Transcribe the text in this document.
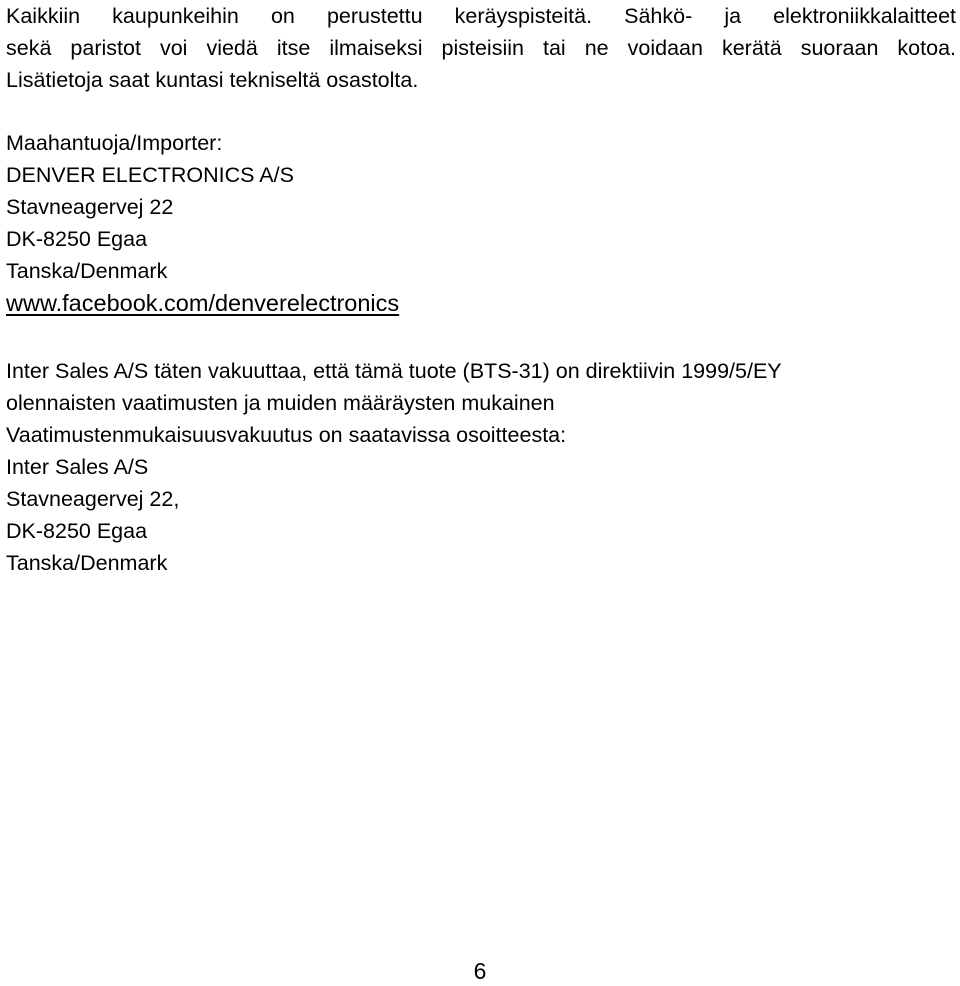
Kaikkiin kaupunkeihin on perustettu keräyspisteitä. Sähkö- ja elektroniikkalaitteet
sekä paristot voi viedä itse ilmaiseksi pisteisiin tai ne voidaan kerätä suoraan kotoa.
Lisätietoja saat kuntasi tekniseltä osastolta.
Maahantuoja/Importer:
DENVER ELECTRONICS A/S
Stavneagervej 22
DK-8250 Egaa
Tanska/Denmark
www.facebook.com/denverelectronics
Inter Sales A/S täten vakuuttaa, että tämä tuote (BTS-31) on direktiivin 1999/5/EY
olennaisten vaatimusten ja muiden määräysten mukainen
Vaatimustenmukaisuusvakuutus on saatavissa osoitteesta:
Inter Sales A/S
Stavneagervej 22,
DK-8250 Egaa
Tanska/Denmark
6
